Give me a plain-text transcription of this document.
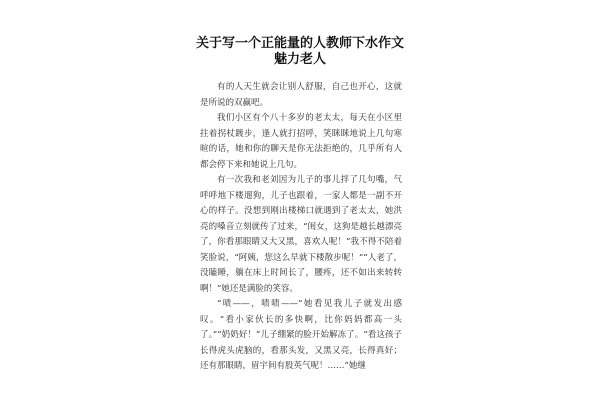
关于写一个正能量的人教师下水作文
魅力老人

有的人天生就会让别人舒服，自己也开心，这就是所说的双赢吧。

我们小区有个八十多岁的老太太，每天在小区里拄着拐杖踱步，逢人就打招呼，笑眯眯地说上几句寒暄的话，她和你的聊天是你无法拒绝的，几乎所有人都会停下来和她说上几句。

有一次我和老刘因为儿子的事儿拌了几句嘴，气呼呼地下楼遛狗，儿子也跟着，一家人都是一副不开心的样子。没想到刚出楼梯口就遇到了老太太，她洪亮的嗓音立刻就传了过来，“闺女，这狗是越长越漂亮了，你看那眼睛又大又黑，喜欢人呢！”我不得不陪着笑脸说，“阿姨，您这么早就下楼散步呢！”“人老了，没瞌睡，躺在床上时间长了，腰疼，还不如出来转转啊！”她还是满脸的笑容。

“啧——，啧啧——”她看见我儿子就发出感叹。“看小家伙长的多快啊，比你妈妈都高一头了。”“奶奶好！”儿子绷紧的脸开始解冻了。“看这孩子长得虎头虎脑的，看那头发，又黑又亮，长得真好；还有那眼睛，眉宇间有股英气呢！……”她继
